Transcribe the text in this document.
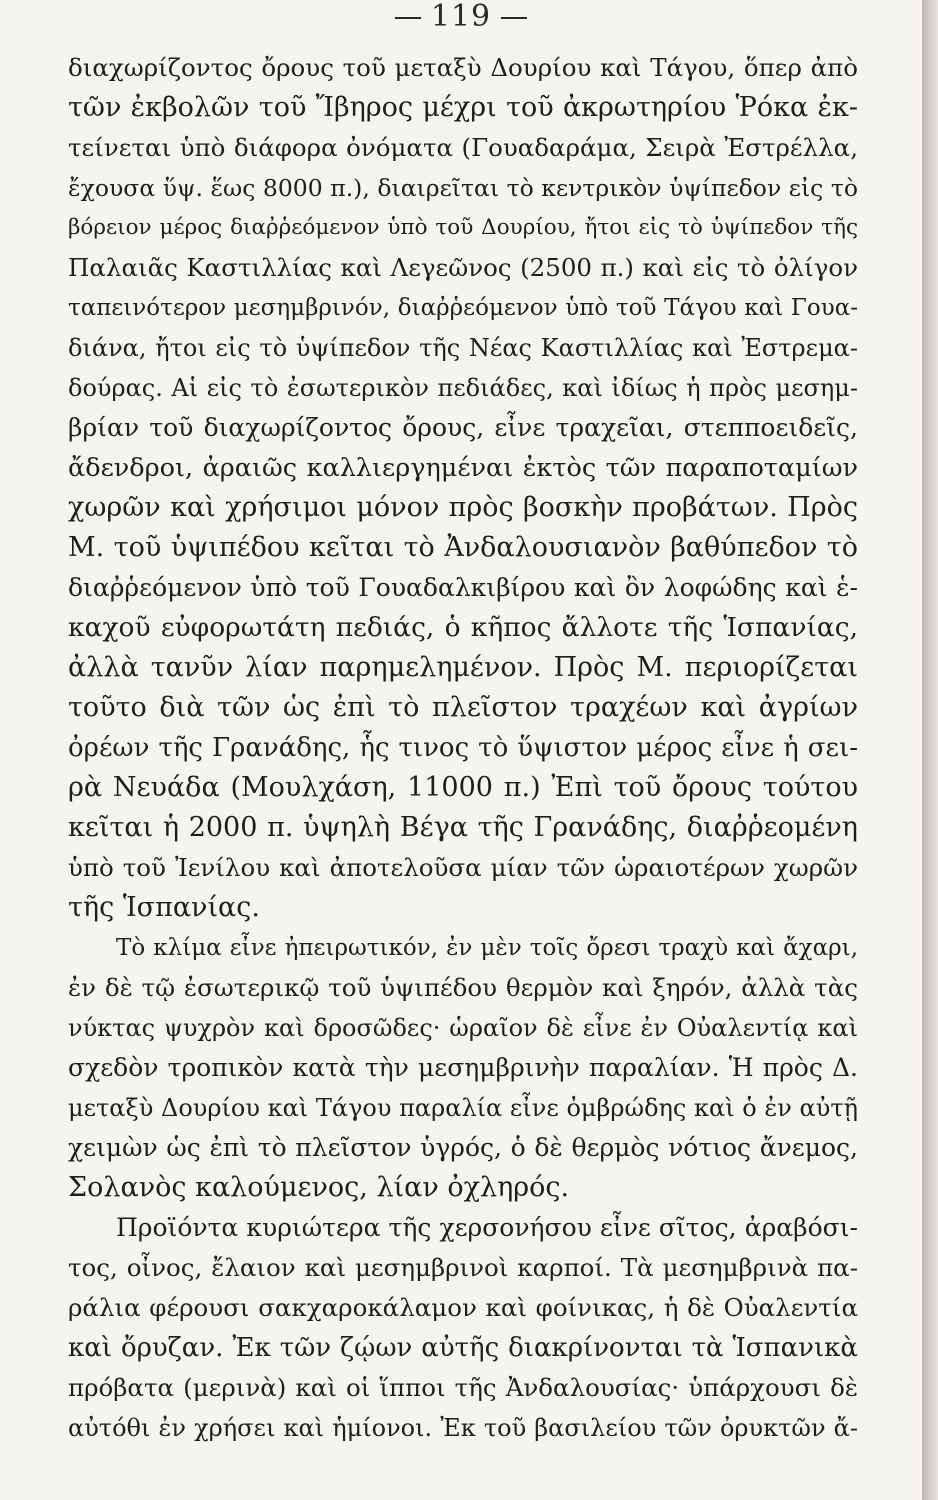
119
διαχωρίζοντος ὄρους τοῦ μεταξὺ Δουρίου καὶ Τάγου, ὅπερ ἀπὸ
τῶν ἐκβολῶν τοῦ Ἴβηρος μέχρι τοῦ ἀκρωτηρίου Ῥόκα ἐκ-
τείνεται ὑπὸ διάφορα ὀνόματα (Γουαδαράμα, Σειρὰ Ἐστρέλλα,
ἔχουσα ὕψ. ἕως 8000 π.), διαιρεῖται τὸ κεντρικὸν ὑψίπεδον εἰς τὸ
βόρειον μέρος διαῤῥεόμενον ὑπὸ τοῦ Δουρίου, ἤτοι εἰς τὸ ὑψίπεδον τῆς
Παλαιᾶς Καστιλλίας καὶ Λεγεῶνος (2500 π.) καὶ εἰς τὸ ὀλίγον
ταπεινότερον μεσημβρινόν, διαῤῥεόμενον ὑπὸ τοῦ Τάγου καὶ Γουα-
διάνα, ἤτοι εἰς τὸ ὑψίπεδον τῆς Νέας Καστιλλίας καὶ Ἐστρεμα-
δούρας. Αἱ εἰς τὸ ἐσωτερικὸν πεδιάδες, καὶ ἰδίως ἡ πρὸς μεσημ-
βρίαν τοῦ διαχωρίζοντος ὄρους, εἶνε τραχεῖαι, στεπποειδεῖς,
ἄδενδροι, ἀραιῶς καλλιεργημέναι ἐκτὸς τῶν παραποταμίων
χωρῶν καὶ χρήσιμοι μόνον πρὸς βοσκὴν προβάτων. Πρὸς
Μ. τοῦ ὑψιπέδου κεῖται τὸ Ἀνδαλουσιανὸν βαθύπεδον τὸ
διαῤῥεόμενον ὑπὸ τοῦ Γουαδαλκιβίρου καὶ ὂν λοφώδης καὶ ἑ-
καχοῦ εὐφορωτάτη πεδιάς, ὁ κῆπος ἄλλοτε τῆς Ἱσπανίας,
ἀλλὰ τανῦν λίαν παρημελημένον. Πρὸς Μ. περιορίζεται
τοῦτο διὰ τῶν ὡς ἐπὶ τὸ πλεῖστον τραχέων καὶ ἀγρίων
ὀρέων τῆς Γρανάδης, ἧς τινος τὸ ὕψιστον μέρος εἶνε ἡ σει-
ρὰ Νευάδα (Μουλχάση, 11000 π.) Ἐπὶ τοῦ ὄρους τούτου
κεῖται ἡ 2000 π. ὑψηλὴ Βέγα τῆς Γρανάδης, διαῤῥεομένη
ὑπὸ τοῦ Ἰενίλου καὶ ἀποτελοῦσα μίαν τῶν ὡραιοτέρων χωρῶν
τῆς Ἱσπανίας.
Τὸ κλίμα εἶνε ἠπειρωτικόν, ἐν μὲν τοῖς ὄρεσι τραχὺ καὶ ἄχαρι,
ἐν δὲ τῷ ἐσωτερικῷ τοῦ ὑψιπέδου θερμὸν καὶ ξηρόν, ἀλλὰ τὰς
νύκτας ψυχρὸν καὶ δροσῶδες· ὡραῖον δὲ εἶνε ἐν Οὐαλεντίᾳ καὶ
σχεδὸν τροπικὸν κατὰ τὴν μεσημβρινὴν παραλίαν. Ἡ πρὸς Δ.
μεταξὺ Δουρίου καὶ Τάγου παραλία εἶνε ὀμβρώδης καὶ ὁ ἐν αὐτῇ
χειμὼν ὡς ἐπὶ τὸ πλεῖστον ὑγρός, ὁ δὲ θερμὸς νότιος ἄνεμος,
Σολανὸς καλούμενος, λίαν ὀχληρός.
Προϊόντα κυριώτερα τῆς χερσονήσου εἶνε σῖτος, ἀραβόσι-
τος, οἶνος, ἔλαιον καὶ μεσημβρινοὶ καρποί. Τὰ μεσημβρινὰ πα-
ράλια φέρουσι σακχαροκάλαμον καὶ φοίνικας, ἡ δὲ Οὐαλεντία
καὶ ὄρυζαν. Ἐκ τῶν ζῴων αὐτῆς διακρίνονται τὰ Ἱσπανικὰ
πρόβατα (μερινὰ) καὶ οἱ ἵπποι τῆς Ἀνδαλουσίας· ὑπάρχουσι δὲ
αὐτόθι ἐν χρήσει καὶ ἡμίονοι. Ἐκ τοῦ βασιλείου τῶν ὀρυκτῶν ἄ-
